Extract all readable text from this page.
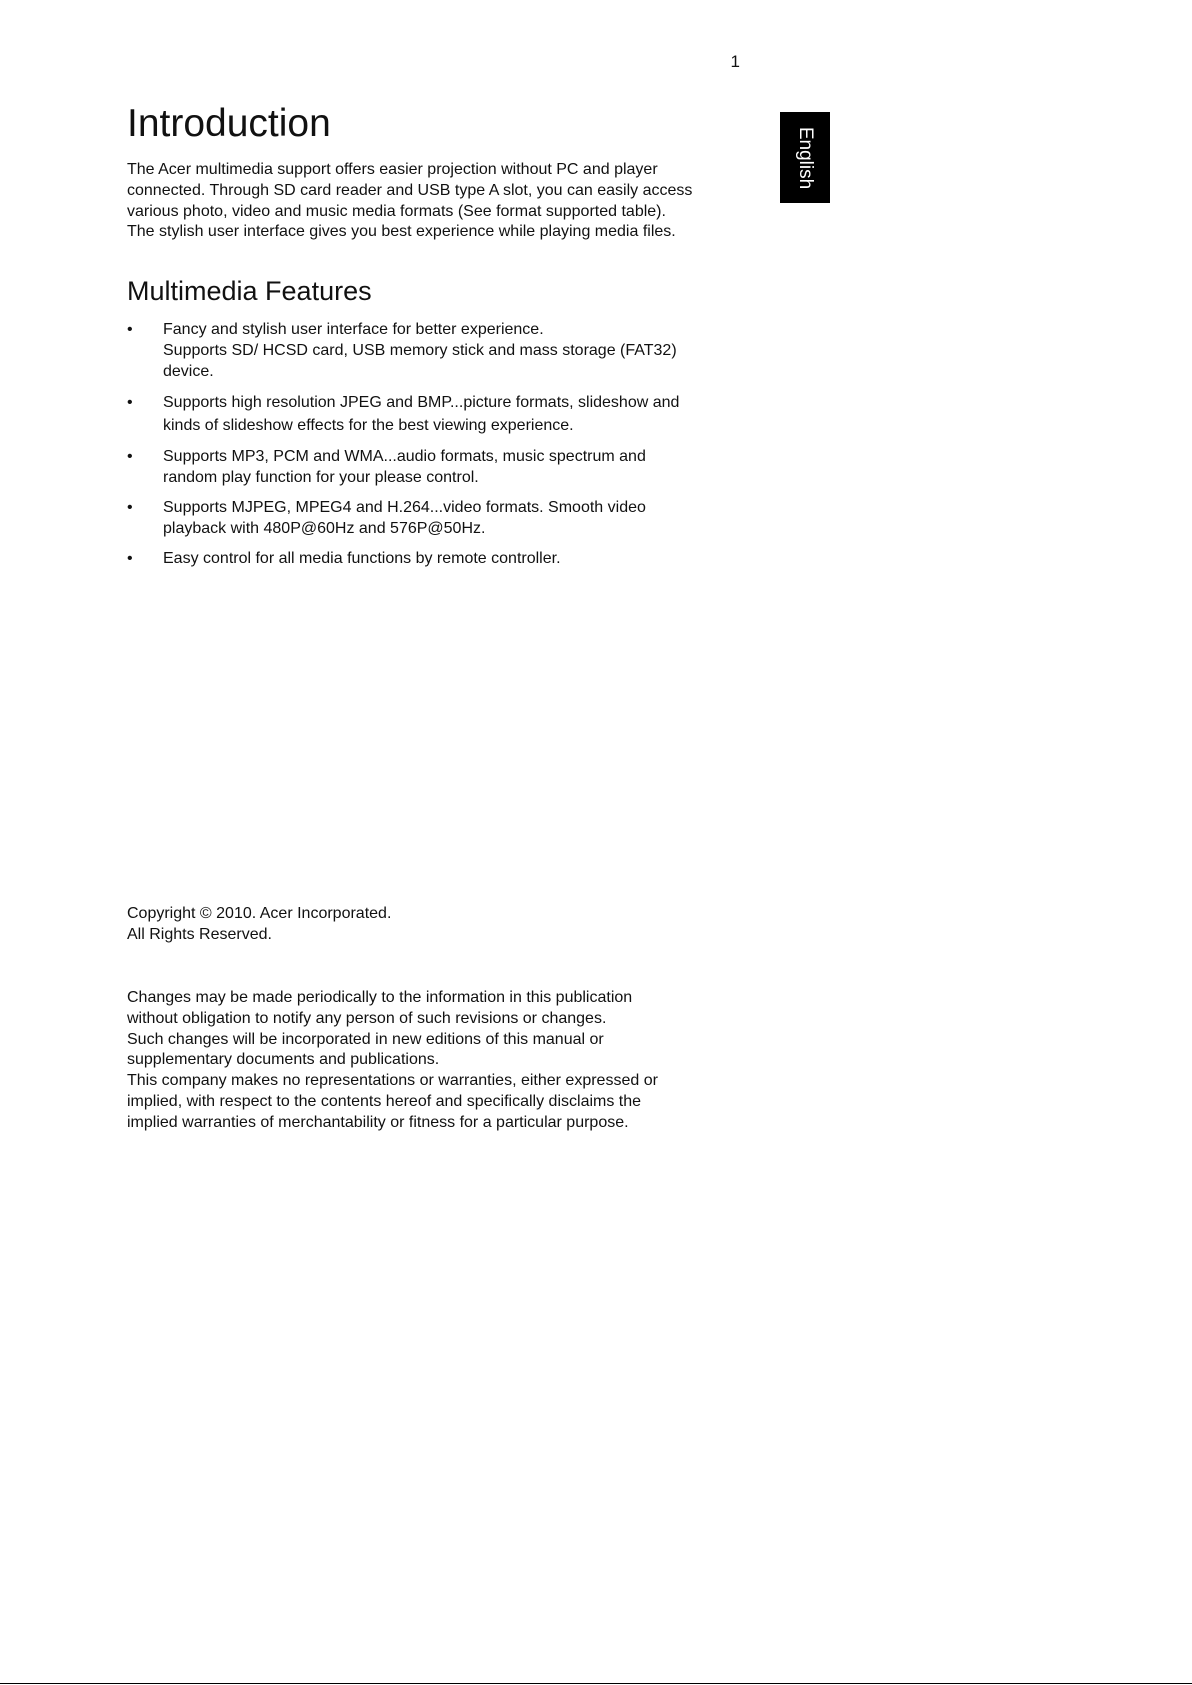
1
English
Introduction

The Acer multimedia support offers easier projection without PC and player
connected. Through SD card reader and USB type A slot, you can easily access
various photo, video and music media formats (See format supported table).
The stylish user interface gives you best experience while playing media files.

Multimedia Features
• Fancy and stylish user interface for better experience.
Supports SD/ HCSD card, USB memory stick and mass storage (FAT32)
device.
• Supports high resolution JPEG and BMP...picture formats, slideshow and
kinds of slideshow effects for the best viewing experience.
• Supports MP3, PCM and WMA...audio formats, music spectrum and
random play function for your please control.
• Supports MJPEG, MPEG4 and H.264...video formats. Smooth video
playback with 480P@60Hz and 576P@50Hz.
• Easy control for all media functions by remote controller.
Copyright © 2010. Acer Incorporated.
All Rights Reserved.
Changes may be made periodically to the information in this publication
without obligation to notify any person of such revisions or changes.
Such changes will be incorporated in new editions of this manual or
supplementary documents and publications.
This company makes no representations or warranties, either expressed or
implied, with respect to the contents hereof and specifically disclaims the
implied warranties of merchantability or fitness for a particular purpose.
